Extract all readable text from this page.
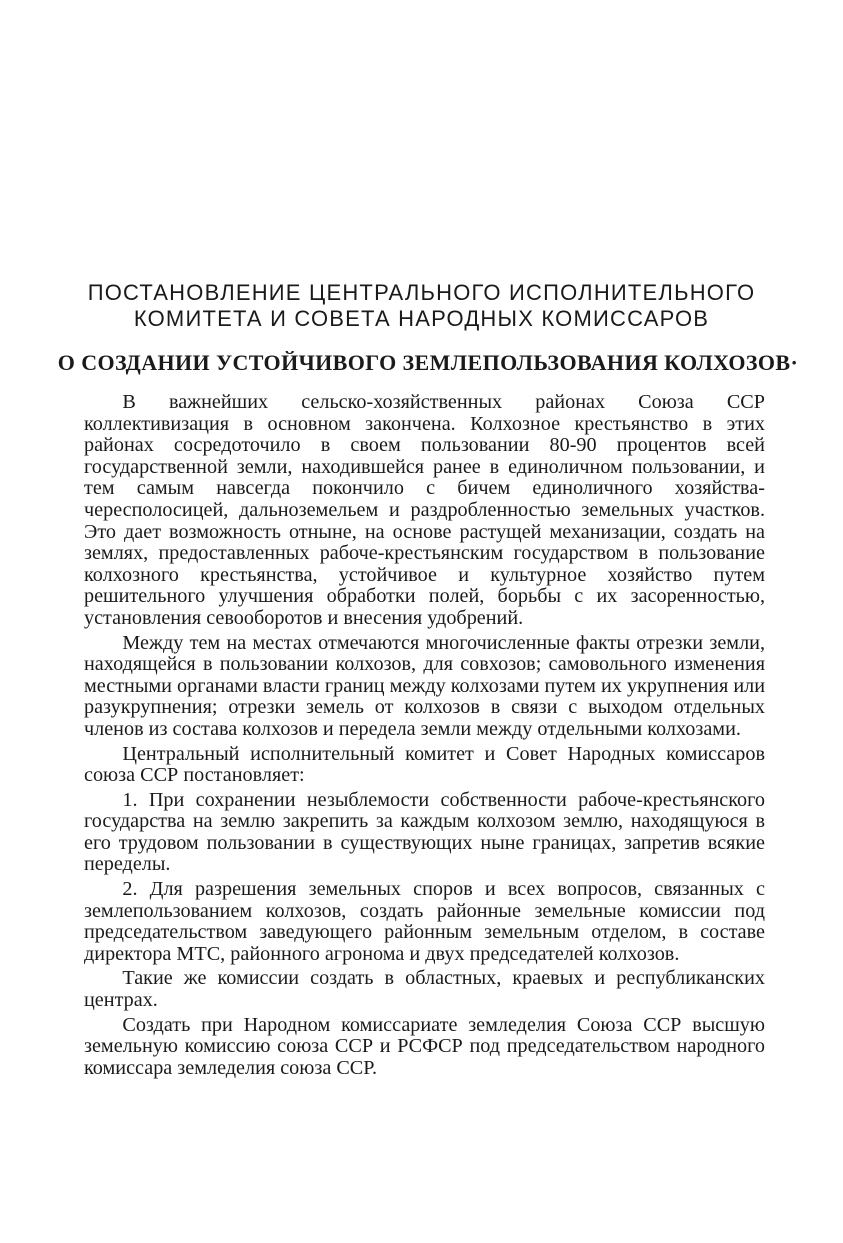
ПОСТАНОВЛЕНИЕ ЦЕНТРАЛЬНОГО ИСПОЛНИТЕЛЬНОГО
КОМИТЕТА И СОВЕТА НАРОДНЫХ КОМИССАРОВ
О СОЗДАНИИ УСТОЙЧИВОГО ЗЕМЛЕПОЛЬЗОВАНИЯ КОЛХОЗОВ·

В важнейших сельско-хозяйственных районах Союза ССР коллективизация в основном закончена. Колхозное крестьянство в этих районах сосредоточило в своем пользовании 80-90 процентов всей государственной земли, находившейся ранее в единоличном пользовании, и тем самым навсегда покончило с бичем единоличного хозяйства-чересполосицей, дальноземельем и раздробленностью земельных участков. Это дает возможность отныне, на основе растущей механизации, создать на землях, предоставленных рабоче-крестьянским государством в пользование колхозного крестьянства, устойчивое и культурное хозяйство путем решительного улучшения обработки полей, борьбы с их засоренностью, установления севооборотов и внесения удобрений.

Между тем на местах отмечаются многочисленные факты отрезки земли, находящейся в пользовании колхозов, для совхозов; самовольного изменения местными органами власти границ между колхозами путем их укрупнения или разукрупнения; отрезки земель от колхозов в связи с выходом отдельных членов из состава колхозов и передела земли между отдельными колхозами.

Центральный исполнительный комитет и Совет Народных комиссаров союза ССР постановляет:

1. При сохранении незыблемости собственности рабоче-крестьянского государства на землю закрепить за каждым колхозом землю, находящуюся в его трудовом пользовании в существующих ныне границах, запретив всякие переделы.

2. Для разрешения земельных споров и всех вопросов, связанных с землепользованием колхозов, создать районные земельные комиссии под председательством заведующего районным земельным отделом, в составе директора МТС, районного агронома и двух председателей колхозов.

Такие же комиссии создать в областных, краевых и республиканских центрах.

Создать при Народном комиссариате земледелия Союза ССР высшую земельную комиссию союза ССР и РСФСР под председательством народного комиссара земледелия союза ССР.
